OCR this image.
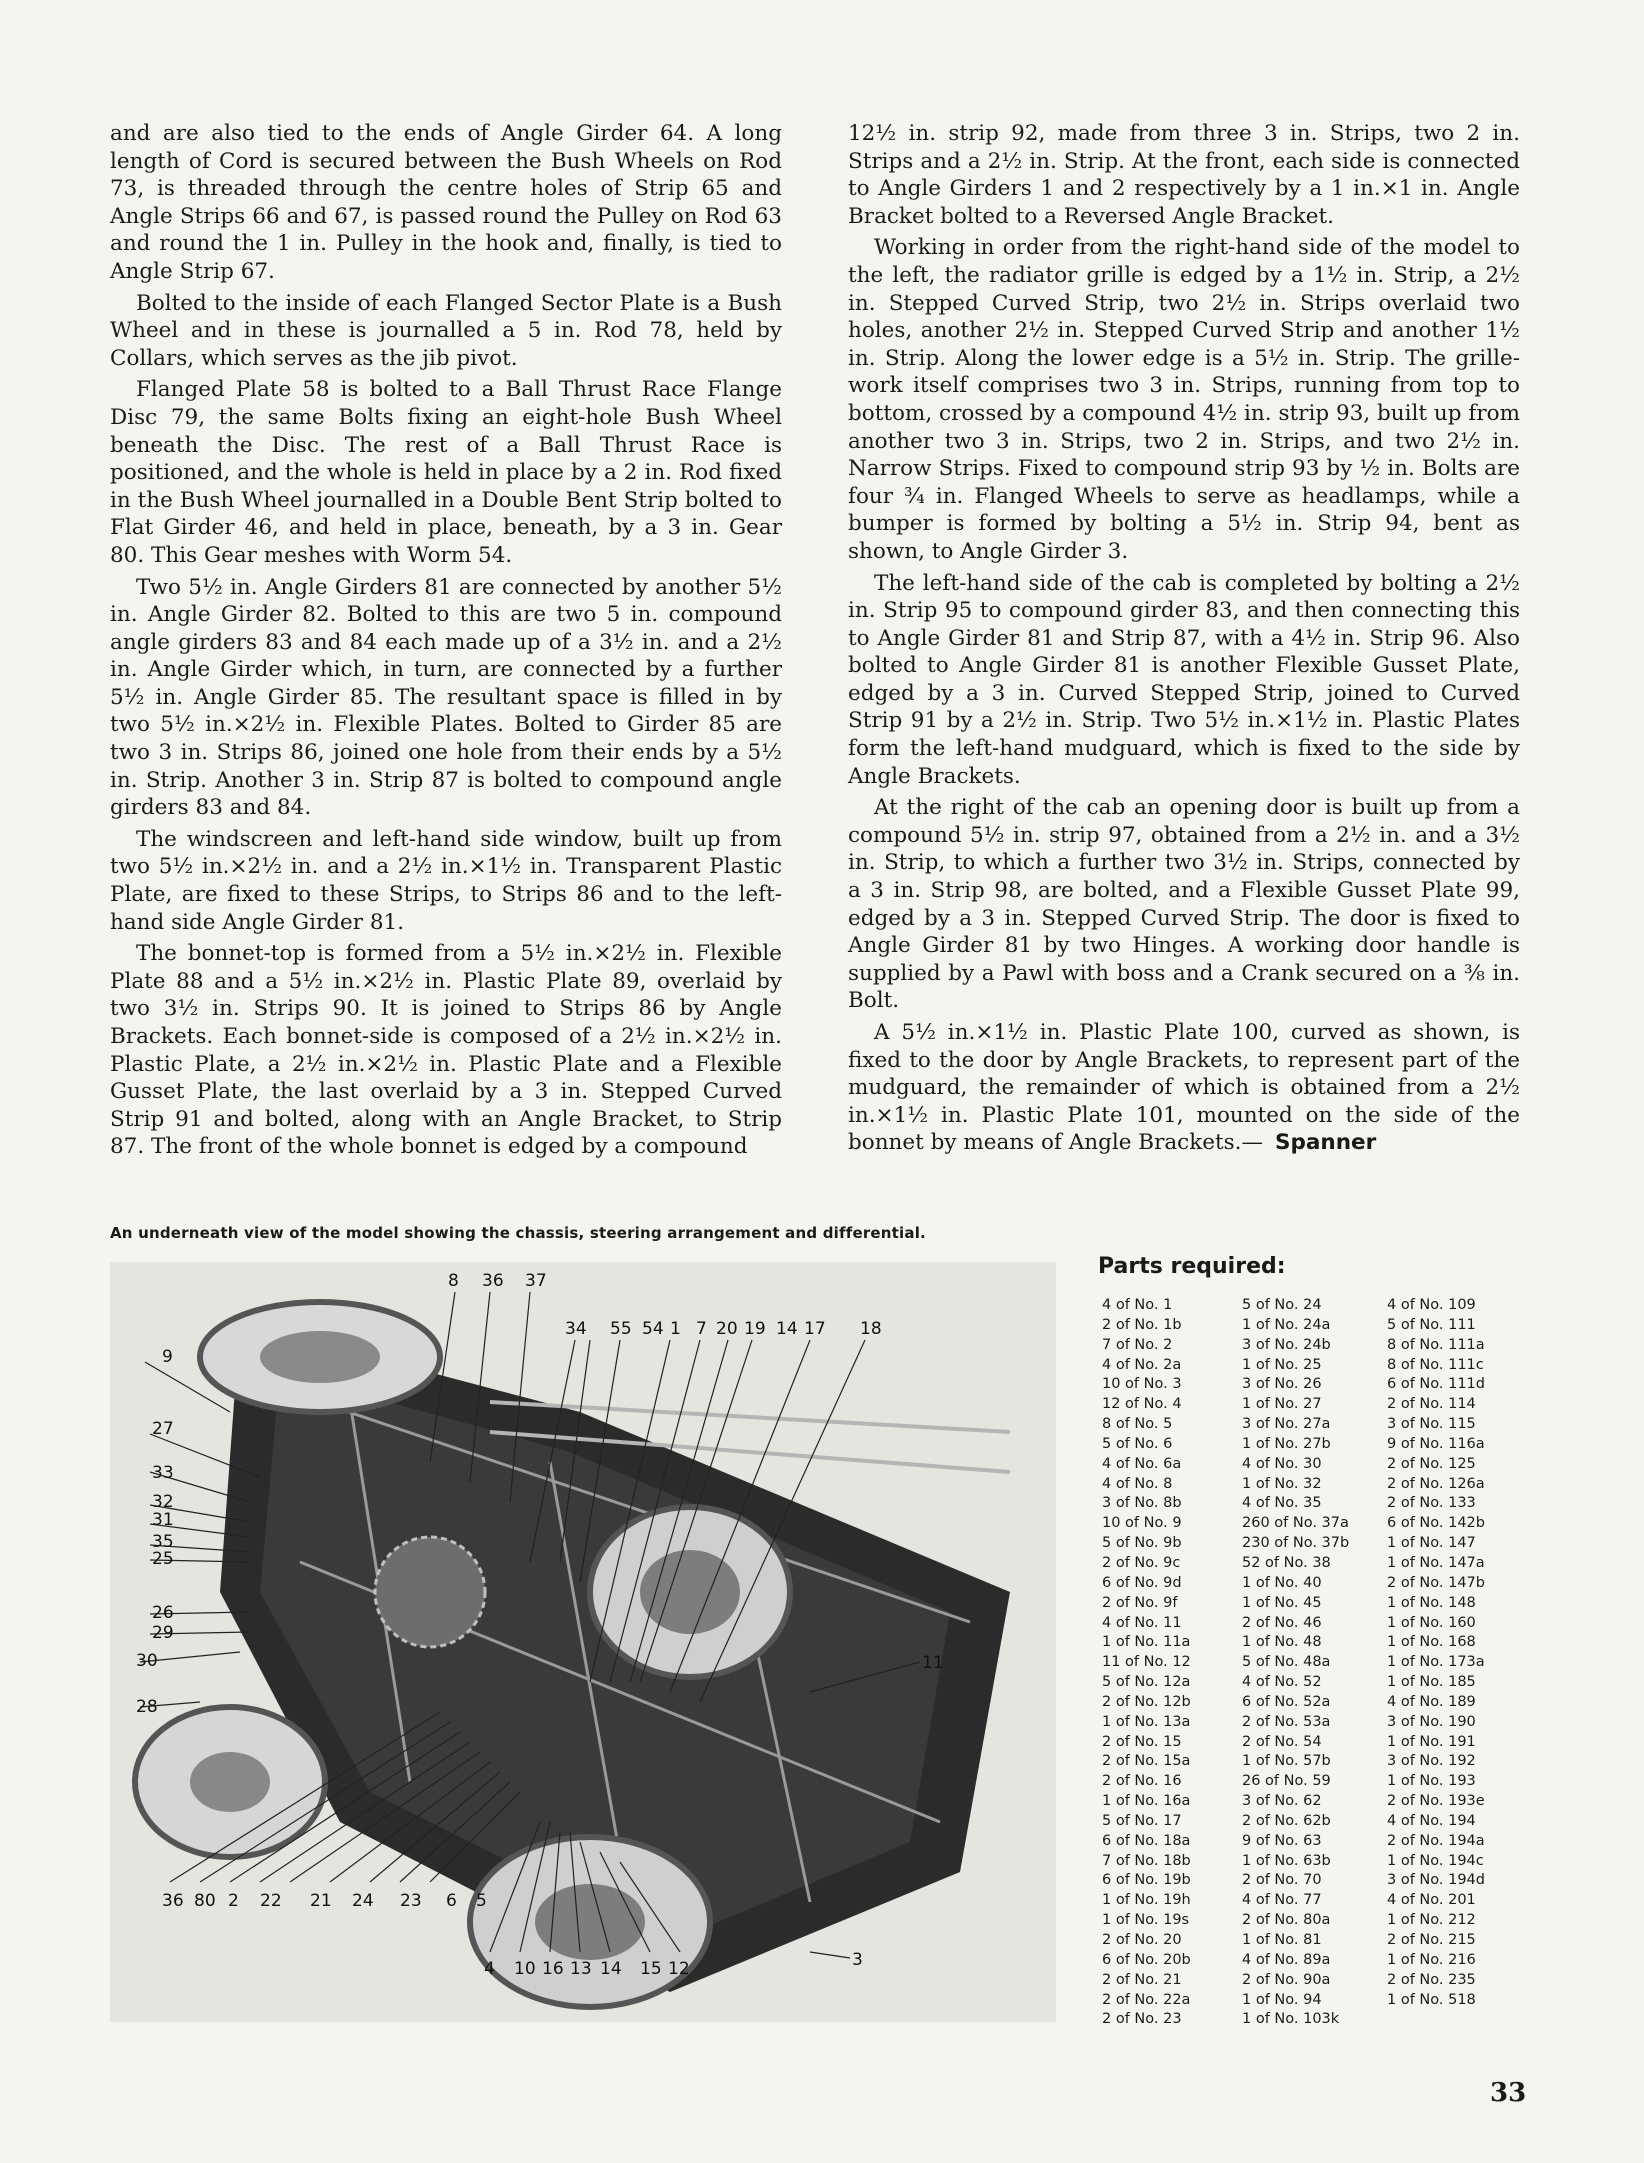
and are also tied to the ends of Angle Girder 64. A long length of Cord is secured between the Bush Wheels on Rod 73, is threaded through the centre holes of Strip 65 and Angle Strips 66 and 67, is passed round the Pulley on Rod 63 and round the 1 in. Pulley in the hook and, finally, is tied to Angle Strip 67.

Bolted to the inside of each Flanged Sector Plate is a Bush Wheel and in these is journalled a 5 in. Rod 78, held by Collars, which serves as the jib pivot.

Flanged Plate 58 is bolted to a Ball Thrust Race Flange Disc 79, the same Bolts fixing an eight-hole Bush Wheel beneath the Disc. The rest of a Ball Thrust Race is positioned, and the whole is held in place by a 2 in. Rod fixed in the Bush Wheel journalled in a Double Bent Strip bolted to Flat Girder 46, and held in place, beneath, by a 3 in. Gear 80. This Gear meshes with Worm 54.

Two 5½ in. Angle Girders 81 are connected by another 5½ in. Angle Girder 82. Bolted to this are two 5 in. compound angle girders 83 and 84 each made up of a 3½ in. and a 2½ in. Angle Girder which, in turn, are connected by a further 5½ in. Angle Girder 85. The resultant space is filled in by two 5½ in.×2½ in. Flexible Plates. Bolted to Girder 85 are two 3 in. Strips 86, joined one hole from their ends by a 5½ in. Strip. Another 3 in. Strip 87 is bolted to compound angle girders 83 and 84.

The windscreen and left-hand side window, built up from two 5½ in.×2½ in. and a 2½ in.×1½ in. Transparent Plastic Plate, are fixed to these Strips, to Strips 86 and to the left-hand side Angle Girder 81.

The bonnet-top is formed from a 5½ in.×2½ in. Flexible Plate 88 and a 5½ in.×2½ in. Plastic Plate 89, overlaid by two 3½ in. Strips 90. It is joined to Strips 86 by Angle Brackets. Each bonnet-side is composed of a 2½ in.×2½ in. Plastic Plate, a 2½ in.×2½ in. Plastic Plate and a Flexible Gusset Plate, the last overlaid by a 3 in. Stepped Curved Strip 91 and bolted, along with an Angle Bracket, to Strip 87. The front of the whole bonnet is edged by a compound

12½ in. strip 92, made from three 3 in. Strips, two 2 in. Strips and a 2½ in. Strip. At the front, each side is connected to Angle Girders 1 and 2 respectively by a 1 in.×1 in. Angle Bracket bolted to a Reversed Angle Bracket.

Working in order from the right-hand side of the model to the left, the radiator grille is edged by a 1½ in. Strip, a 2½ in. Stepped Curved Strip, two 2½ in. Strips overlaid two holes, another 2½ in. Stepped Curved Strip and another 1½ in. Strip. Along the lower edge is a 5½ in. Strip. The grille-work itself comprises two 3 in. Strips, running from top to bottom, crossed by a compound 4½ in. strip 93, built up from another two 3 in. Strips, two 2 in. Strips, and two 2½ in. Narrow Strips. Fixed to compound strip 93 by ½ in. Bolts are four ¾ in. Flanged Wheels to serve as headlamps, while a bumper is formed by bolting a 5½ in. Strip 94, bent as shown, to Angle Girder 3.

The left-hand side of the cab is completed by bolting a 2½ in. Strip 95 to compound girder 83, and then connecting this to Angle Girder 81 and Strip 87, with a 4½ in. Strip 96. Also bolted to Angle Girder 81 is another Flexible Gusset Plate, edged by a 3 in. Curved Stepped Strip, joined to Curved Strip 91 by a 2½ in. Strip. Two 5½ in.×1½ in. Plastic Plates form the left-hand mudguard, which is fixed to the side by Angle Brackets.

At the right of the cab an opening door is built up from a compound 5½ in. strip 97, obtained from a 2½ in. and a 3½ in. Strip, to which a further two 3½ in. Strips, connected by a 3 in. Strip 98, are bolted, and a Flexible Gusset Plate 99, edged by a 3 in. Stepped Curved Strip. The door is fixed to Angle Girder 81 by two Hinges. A working door handle is supplied by a Pawl with boss and a Crank secured on a ⅜ in. Bolt.

A 5½ in.×1½ in. Plastic Plate 100, curved as shown, is fixed to the door by Angle Brackets, to represent part of the mudguard, the remainder of which is obtained from a 2½ in.×1½ in. Plastic Plate 101, mounted on the side of the bonnet by means of Angle Brackets.— Spanner

An underneath view of the model showing the chassis, steering arrangement and differential.
8 36 37
34 55 54 1 7 20 19 14 17 18
9
27
33
32
31
35
25
26
29
30
28
11
3
36 80 2 22 21 24 23 6 5
4 10 16 13 14 15 12
Parts required:
4 of No. 1
2 of No. 1b
7 of No. 2
4 of No. 2a
10 of No. 3
12 of No. 4
8 of No. 5
5 of No. 6
4 of No. 6a
4 of No. 8
3 of No. 8b
10 of No. 9
5 of No. 9b
2 of No. 9c
6 of No. 9d
2 of No. 9f
4 of No. 11
1 of No. 11a
11 of No. 12
5 of No. 12a
2 of No. 12b
1 of No. 13a
2 of No. 15
2 of No. 15a
2 of No. 16
1 of No. 16a
5 of No. 17
6 of No. 18a
7 of No. 18b
6 of No. 19b
1 of No. 19h
1 of No. 19s
2 of No. 20
6 of No. 20b
2 of No. 21
2 of No. 22a
2 of No. 23
5 of No. 24
1 of No. 24a
3 of No. 24b
1 of No. 25
3 of No. 26
1 of No. 27
3 of No. 27a
1 of No. 27b
4 of No. 30
1 of No. 32
4 of No. 35
260 of No. 37a
230 of No. 37b
52 of No. 38
1 of No. 40
1 of No. 45
2 of No. 46
1 of No. 48
5 of No. 48a
4 of No. 52
6 of No. 52a
2 of No. 53a
2 of No. 54
1 of No. 57b
26 of No. 59
3 of No. 62
2 of No. 62b
9 of No. 63
1 of No. 63b
2 of No. 70
4 of No. 77
2 of No. 80a
1 of No. 81
4 of No. 89a
2 of No. 90a
1 of No. 94
1 of No. 103k
4 of No. 109
5 of No. 111
8 of No. 111a
8 of No. 111c
6 of No. 111d
2 of No. 114
3 of No. 115
9 of No. 116a
2 of No. 125
2 of No. 126a
2 of No. 133
6 of No. 142b
1 of No. 147
1 of No. 147a
2 of No. 147b
1 of No. 148
1 of No. 160
1 of No. 168
1 of No. 173a
1 of No. 185
4 of No. 189
3 of No. 190
1 of No. 191
3 of No. 192
1 of No. 193
2 of No. 193e
4 of No. 194
2 of No. 194a
1 of No. 194c
3 of No. 194d
4 of No. 201
1 of No. 212
2 of No. 215
1 of No. 216
2 of No. 235
1 of No. 518
33
